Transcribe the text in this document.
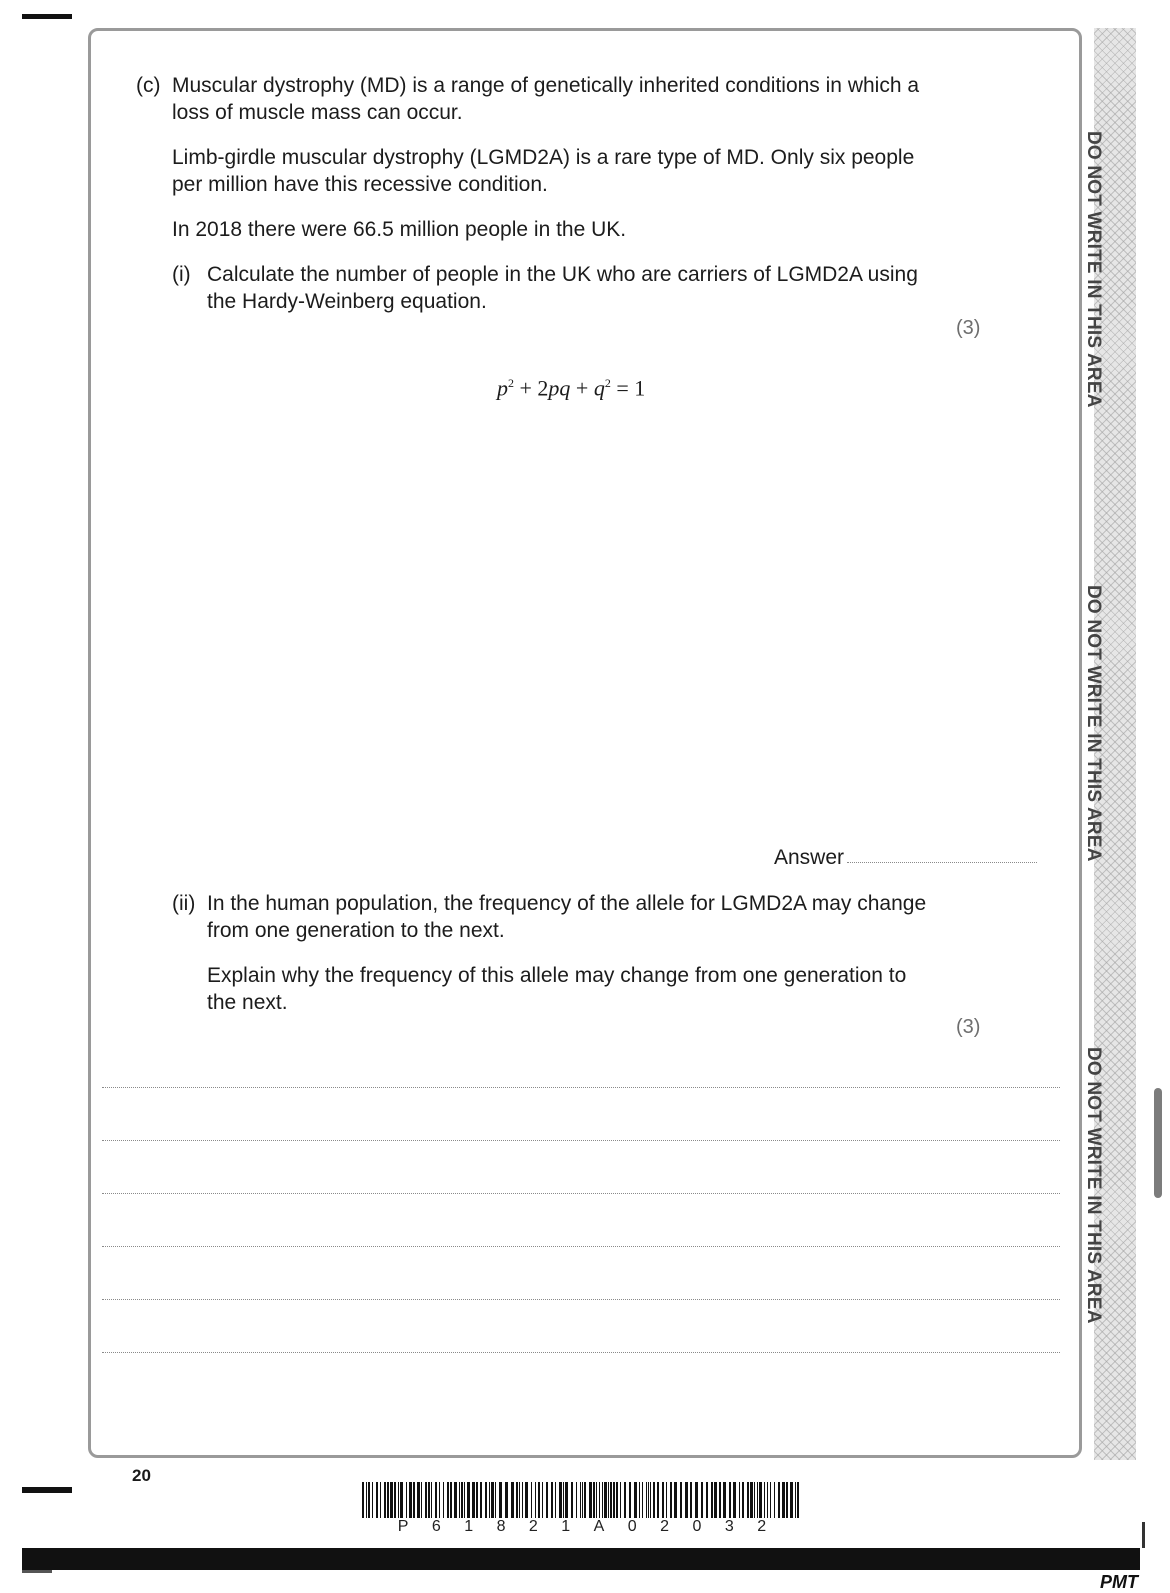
DO NOT WRITE IN THIS AREA
DO NOT WRITE IN THIS AREA
DO NOT WRITE IN THIS AREA
(c) Muscular dystrophy (MD) is a range of genetically inherited conditions in which a
loss of muscle mass can occur.
Limb-girdle muscular dystrophy (LGMD2A) is a rare type of MD. Only six people
per million have this recessive condition.
In 2018 there were 66.5 million people in the UK.
(i) Calculate the number of people in the UK who are carriers of LGMD2A using
the Hardy-Weinberg equation.
(3)
$p^2 + 2pq + q^2 = 1$
Answer
(ii) In the human population, the frequency of the allele for LGMD2A may change
from one generation to the next.
Explain why the frequency of this allele may change from one generation to
the next.
(3)
20
P 6 1 8 2 1 A 0 2 0 3 2
PMT
